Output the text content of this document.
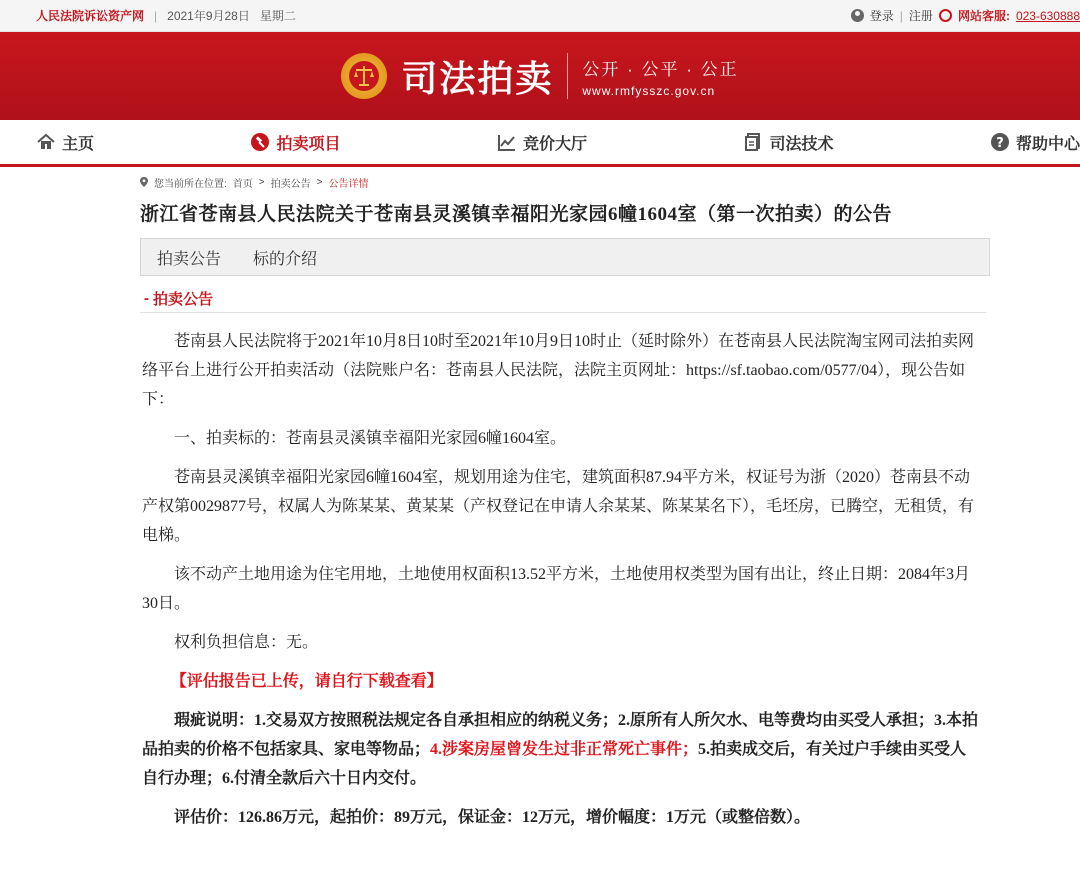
人民法院诉讼资产网 | 2021年9月28日 星期二	登录 | 注册 网站客服: 023-630888
司法拍卖 公开 · 公平 · 公正
www.rmfysszc.gov.cn
主页	拍卖项目	竞价大厅	司法技术	? 帮助中心
您当前所在位置: 首页 > 拍卖公告 > 公告详情
浙江省苍南县人民法院关于苍南县灵溪镇幸福阳光家园6幢1604室（第一次拍卖）的公告
拍卖公告	标的介绍
- 拍卖公告

苍南县人民法院将于2021年10月8日10时至2021年10月9日10时止（延时除外）在苍南县人民法院淘宝网司法拍卖网络平台上进行公开拍卖活动（法院账户名：苍南县人民法院，法院主页网址：https://sf.taobao.com/0577/04），现公告如下：

一、拍卖标的：苍南县灵溪镇幸福阳光家园6幢1604室。

苍南县灵溪镇幸福阳光家园6幢1604室，规划用途为住宅，建筑面积87.94平方米，权证号为浙（2020）苍南县不动产权第0029877号，权属人为陈某某、黄某某（产权登记在申请人余某某、陈某某名下），毛坯房，已腾空，无租赁，有电梯。

该不动产土地用途为住宅用地，土地使用权面积13.52平方米，土地使用权类型为国有出让，终止日期：2084年3月30日。

权利负担信息：无。

【评估报告已上传，请自行下载查看】

瑕疵说明：1.交易双方按照税法规定各自承担相应的纳税义务；2.原所有人所欠水、电等费均由买受人承担；3.本拍品拍卖的价格不包括家具、家电等物品；4.涉案房屋曾发生过非正常死亡事件；5.拍卖成交后，有关过户手续由买受人自行办理；6.付清全款后六十日内交付。

评估价：126.86万元，起拍价：89万元，保证金：12万元，增价幅度：1万元（或整倍数）。
